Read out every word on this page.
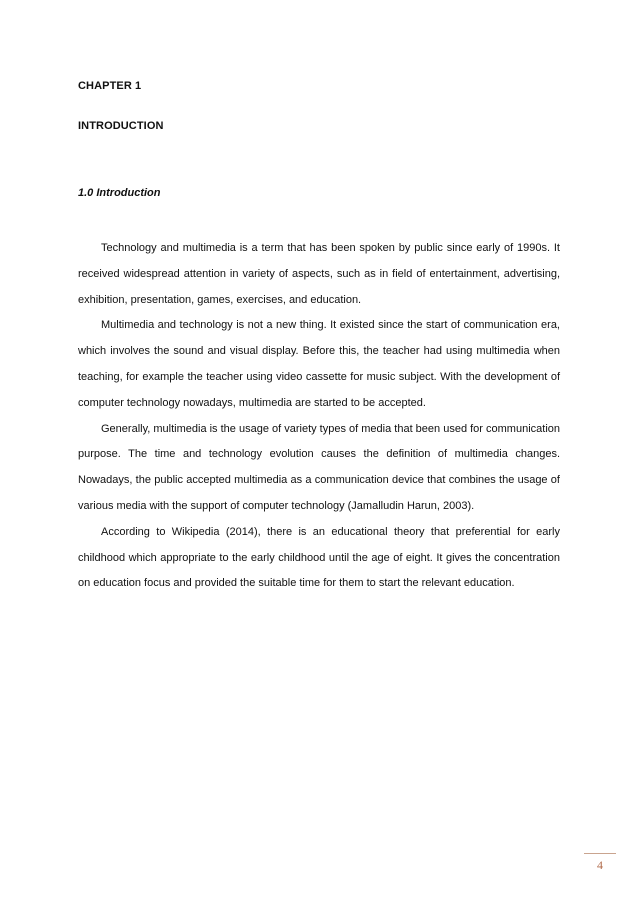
CHAPTER 1
INTRODUCTION
1.0 Introduction

Technology and multimedia is a term that has been spoken by public since early of 1990s. It received widespread attention in variety of aspects, such as in field of entertainment, advertising, exhibition, presentation, games, exercises, and education.

Multimedia and technology is not a new thing. It existed since the start of communication era, which involves the sound and visual display. Before this, the teacher had using multimedia when teaching, for example the teacher using video cassette for music subject. With the development of computer technology nowadays, multimedia are started to be accepted.

Generally, multimedia is the usage of variety types of media that been used for communication purpose. The time and technology evolution causes the definition of multimedia changes. Nowadays, the public accepted multimedia as a communication device that combines the usage of various media with the support of computer technology (Jamalludin Harun, 2003).

According to Wikipedia (2014), there is an educational theory that preferential for early childhood which appropriate to the early childhood until the age of eight. It gives the concentration on education focus and provided the suitable time for them to start the relevant education.

4
